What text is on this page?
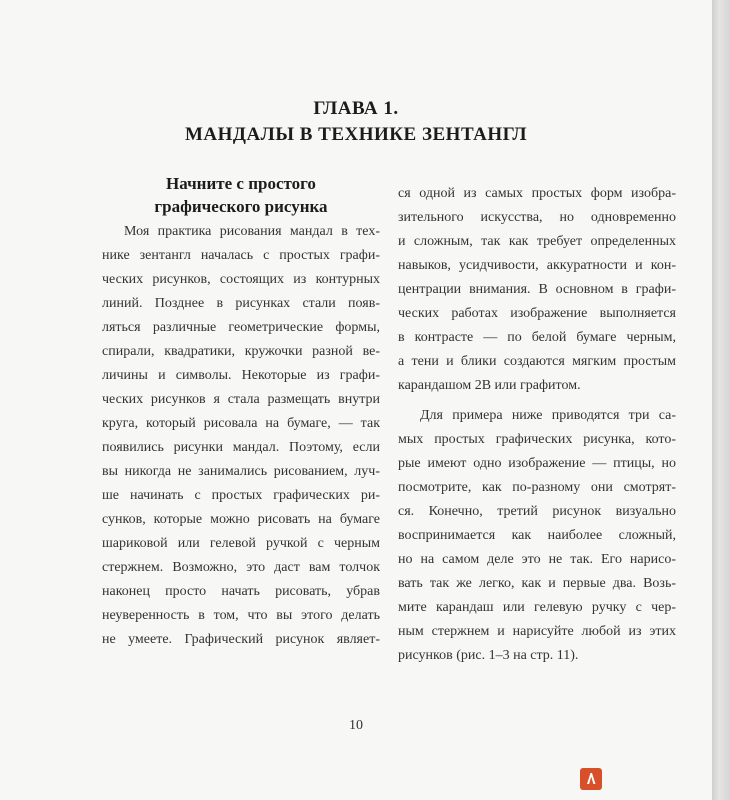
ГЛАВА 1.
МАНДАЛЫ В ТЕХНИКЕ ЗЕНТАНГЛ
Начните с простого
графического рисунка
Моя практика рисования мандал в тех-
нике зентангл началась с простых графи-
ческих рисунков, состоящих из контурных
линий. Позднее в рисунках стали появ-
ляться различные геометрические формы,
спирали, квадратики, кружочки разной ве-
личины и символы. Некоторые из графи-
ческих рисунков я стала размещать внутри
круга, который рисовала на бумаге, — так
появились рисунки мандал. Поэтому, если
вы никогда не занимались рисованием, луч-
ше начинать с простых графических ри-
сунков, которые можно рисовать на бумаге
шариковой или гелевой ручкой с черным
стержнем. Возможно, это даст вам толчок
наконец просто начать рисовать, убрав
неуверенность в том, что вы этого делать
не умеете. Графический рисунок являет-
ся одной из самых простых форм изобра-
зительного искусства, но одновременно
и сложным, так как требует определенных
навыков, усидчивости, аккуратности и кон-
центрации внимания. В основном в графи-
ческих работах изображение выполняется
в контрасте — по белой бумаге черным,
а тени и блики создаются мягким простым
карандашом 2B или графитом.
Для примера ниже приводятся три са-
мых простых графических рисунка, кото-
рые имеют одно изображение — птицы, но
посмотрите, как по-разному они смотрят-
ся. Конечно, третий рисунок визуально
воспринимается как наиболее сложный,
но на самом деле это не так. Его нарисо-
вать так же легко, как и первые два. Возь-
мите карандаш или гелевую ручку с чер-
ным стержнем и нарисуйте любой из этих
рисунков (рис. 1–3 на стр. 11).
10
